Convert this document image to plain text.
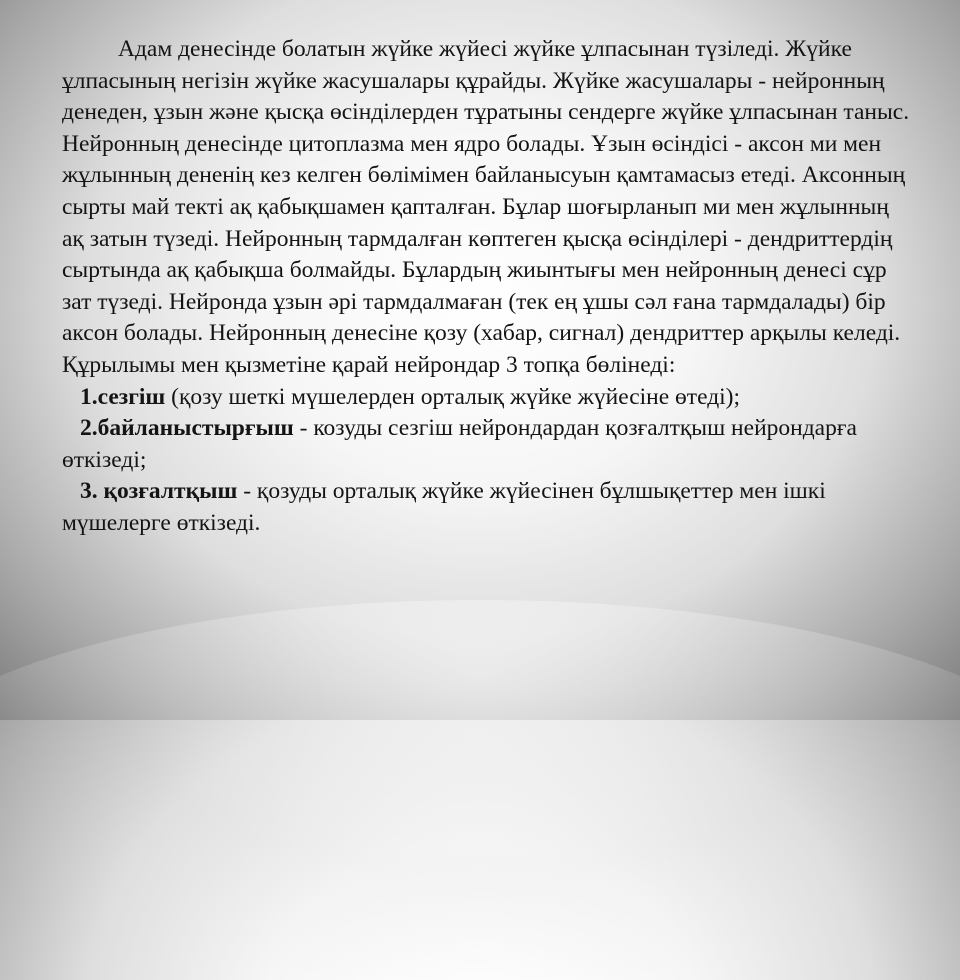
Адам денесінде болатын жүйке жүйесі жүйке ұлпасынан түзіледі. Жүйке ұлпасының негізін жүйке жасушалары құрайды. Жүйке жасушалары - нейронның денеден, ұзын және қысқа өсінділерден тұратыны сендерге жүйке ұлпасынан таныс. Нейронның денесінде цитоплазма мен ядро болады. Ұзын өсіндісі - аксон ми мен жұлынның дененің кез келген бөлімімен байланысуын қамтамасыз етеді. Аксонның сырты май текті ақ қабықшамен қапталған. Бұлар шоғырланып ми мен жұлынның ақ затын түзеді. Нейронның тармдалған көптеген қысқа өсінділері - дендриттердің сыртында ақ қабықша болмайды. Бұлардың жиынтығы мен нейронның денесі сұр зат түзеді. Нейронда ұзын әрі тармдалмаған (тек ең ұшы сәл ғана тармдалады) бір аксон болады. Нейронның денесіне қозу (хабар, сигнал) дендриттер арқылы келеді. Құрылымы мен қызметіне қарай нейрондар 3 топқа бөлінеді:

1.сезгіш (қозу шеткі мүшелерден орталық жүйке жүйесіне өтеді);

2.байланыстырғыш - козуды сезгіш нейрондардан қозғалтқыш нейрондарға өткізеді;

3. қозғалтқыш - қозуды орталық жүйке жүйесінен бұлшықеттер мен ішкі мүшелерге өткізеді.
